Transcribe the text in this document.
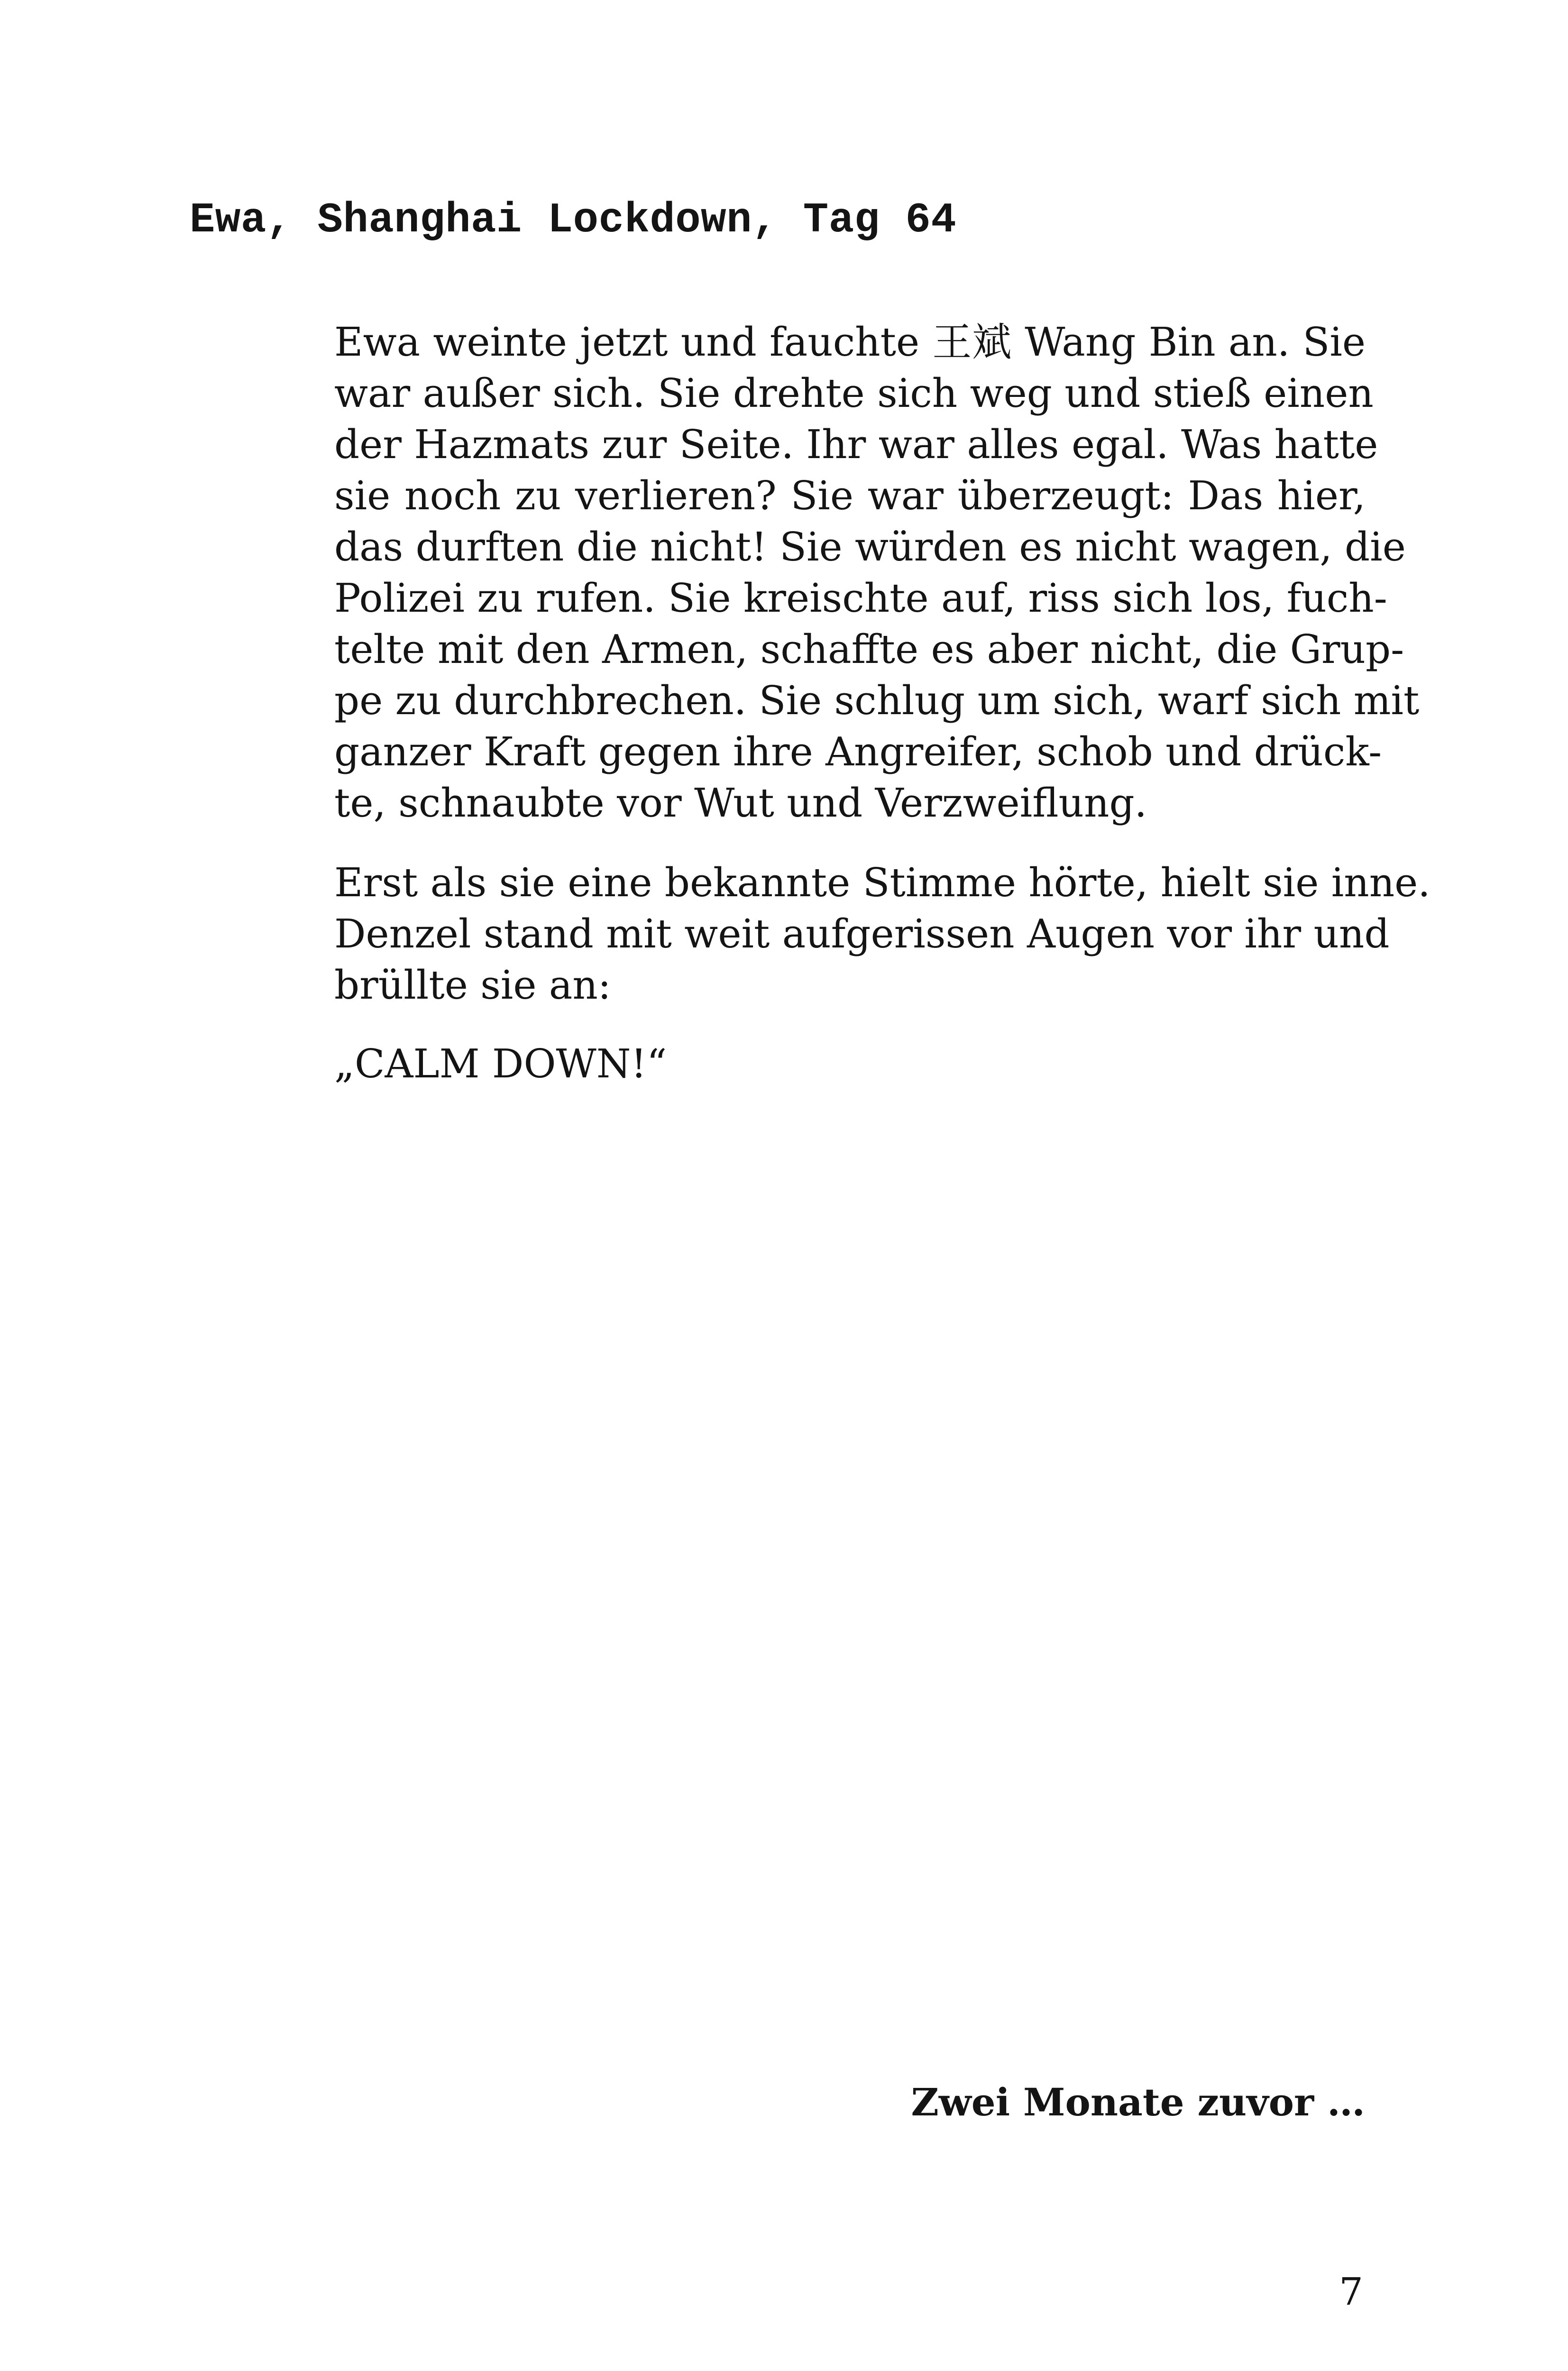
Ewa, Shanghai Lockdown, Tag 64

Ewa weinte jetzt und fauchte 王斌 Wang Bin an. Sie
war außer sich. Sie drehte sich weg und stieß einen
der Hazmats zur Seite. Ihr war alles egal. Was hatte
sie noch zu verlieren? Sie war überzeugt: Das hier,
das durften die nicht! Sie würden es nicht wagen, die
Polizei zu rufen. Sie kreischte auf, riss sich los, fuch-
telte mit den Armen, schaffte es aber nicht, die Grup-
pe zu durchbrechen. Sie schlug um sich, warf sich mit
ganzer Kraft gegen ihre Angreifer, schob und drück-
te, schnaubte vor Wut und Verzweiflung.

Erst als sie eine bekannte Stimme hörte, hielt sie inne.
Denzel stand mit weit aufgerissen Augen vor ihr und
brüllte sie an:

„CALM DOWN!“

Zwei Monate zuvor …

7
